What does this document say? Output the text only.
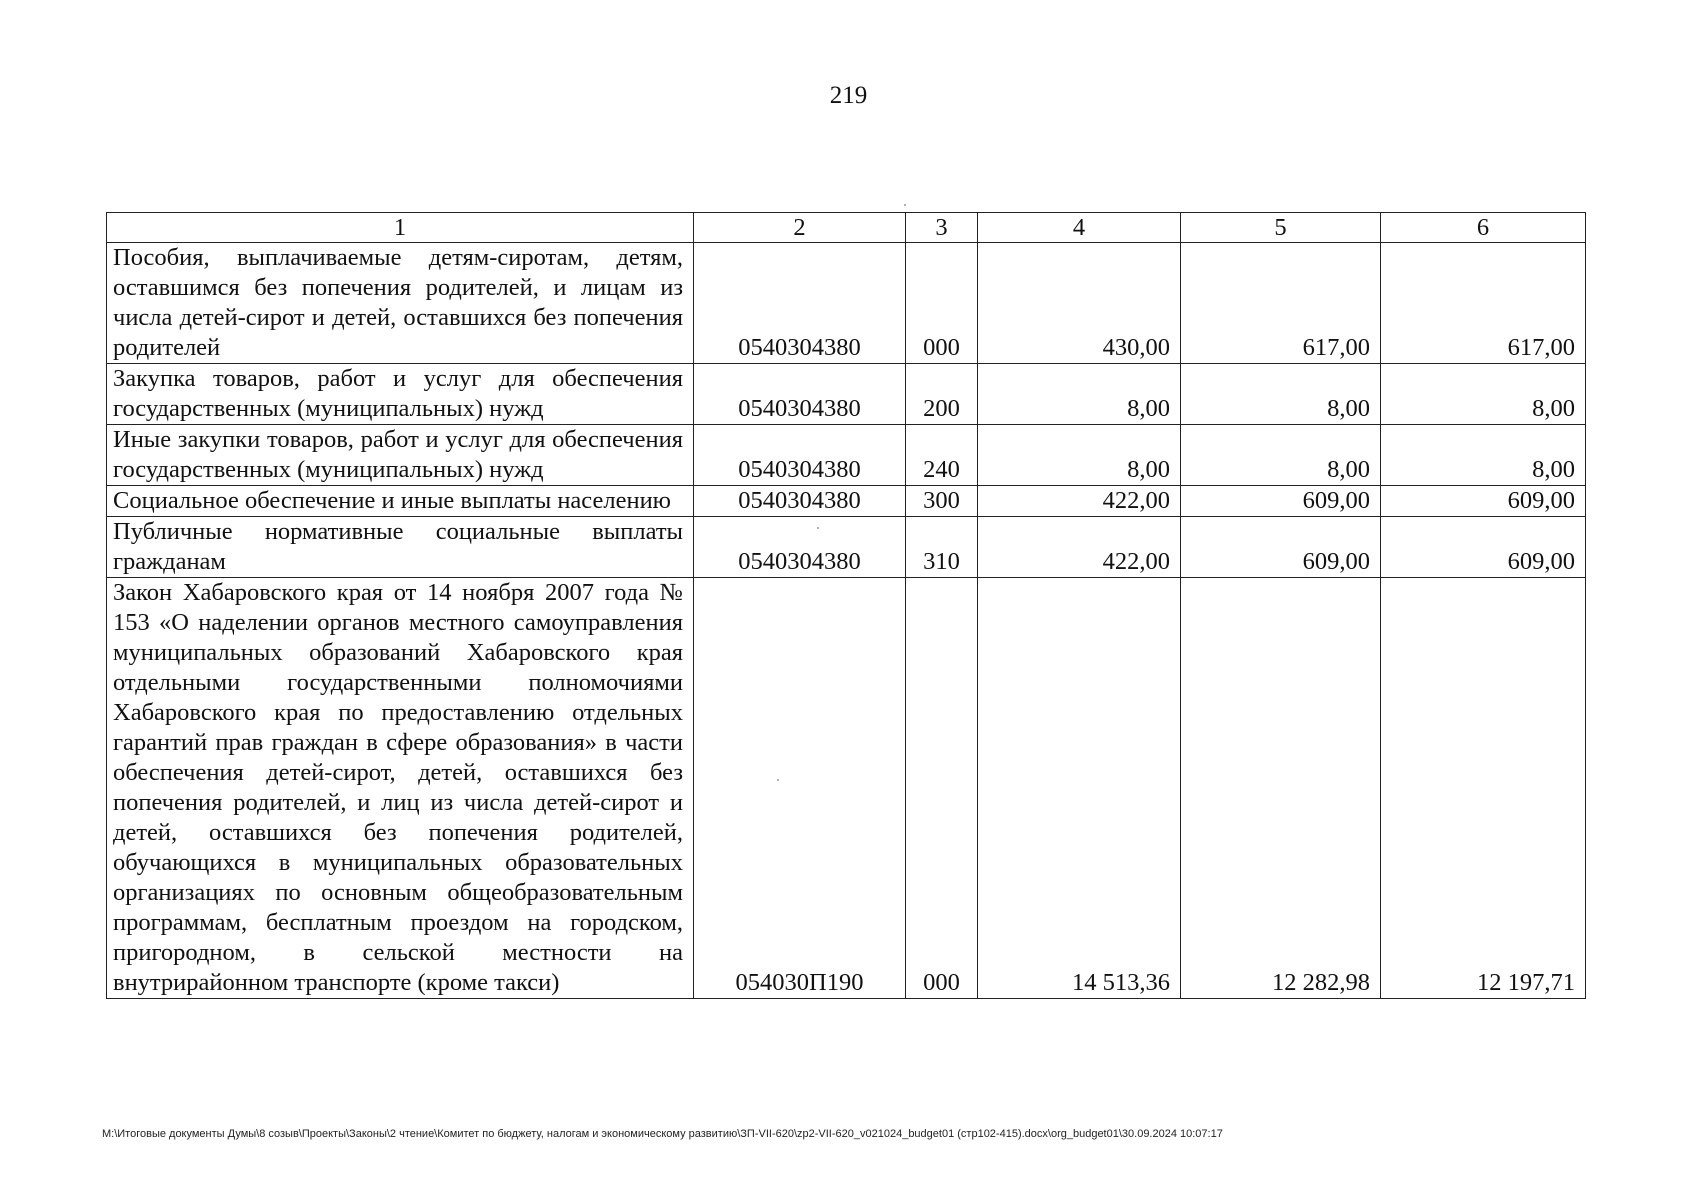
219
1	2	3	4	5	6
Пособия, выплачиваемые детям-сиротам, детям, оставшимся без попечения родителей, и лицам из числа детей-сирот и детей, оставшихся без попечения родителей	0540304380	000	430,00	617,00	617,00
Закупка товаров, работ и услуг для обеспечения государственных (муниципальных) нужд	0540304380	200	8,00	8,00	8,00
Иные закупки товаров, работ и услуг для обеспечения государственных (муниципальных) нужд	0540304380	240	8,00	8,00	8,00
Социальное обеспечение и иные выплаты населению	0540304380	300	422,00	609,00	609,00
Публичные нормативные социальные выплаты гражданам	0540304380	310	422,00	609,00	609,00
Закон Хабаровского края от 14 ноября 2007 года № 153 «О наделении органов местного самоуправления муниципальных образований Хабаровского края отдельными государственными полномочиями Хабаровского края по предоставлению отдельных гарантий прав граждан в сфере образования» в части обеспечения детей-сирот, детей, оставшихся без попечения родителей, и лиц из числа детей-сирот и детей, оставшихся без попечения родителей, обучающихся в муниципальных образовательных организациях по основным общеобразовательным программам, бесплатным проездом на городском, пригородном, в сельской местности на внутрирайонном транспорте (кроме такси)	054030П190	000	14 513,36	12 282,98	12 197,71
M:\Итоговые документы Думы\8 созыв\Проекты\Законы\2 чтение\Комитет по бюджету, налогам и экономическому развитию\ЗП-VII-620\zp2-VII-620_v021024_budget01 (стр102-415).docx\org_budget01\30.09.2024 10:07:17
